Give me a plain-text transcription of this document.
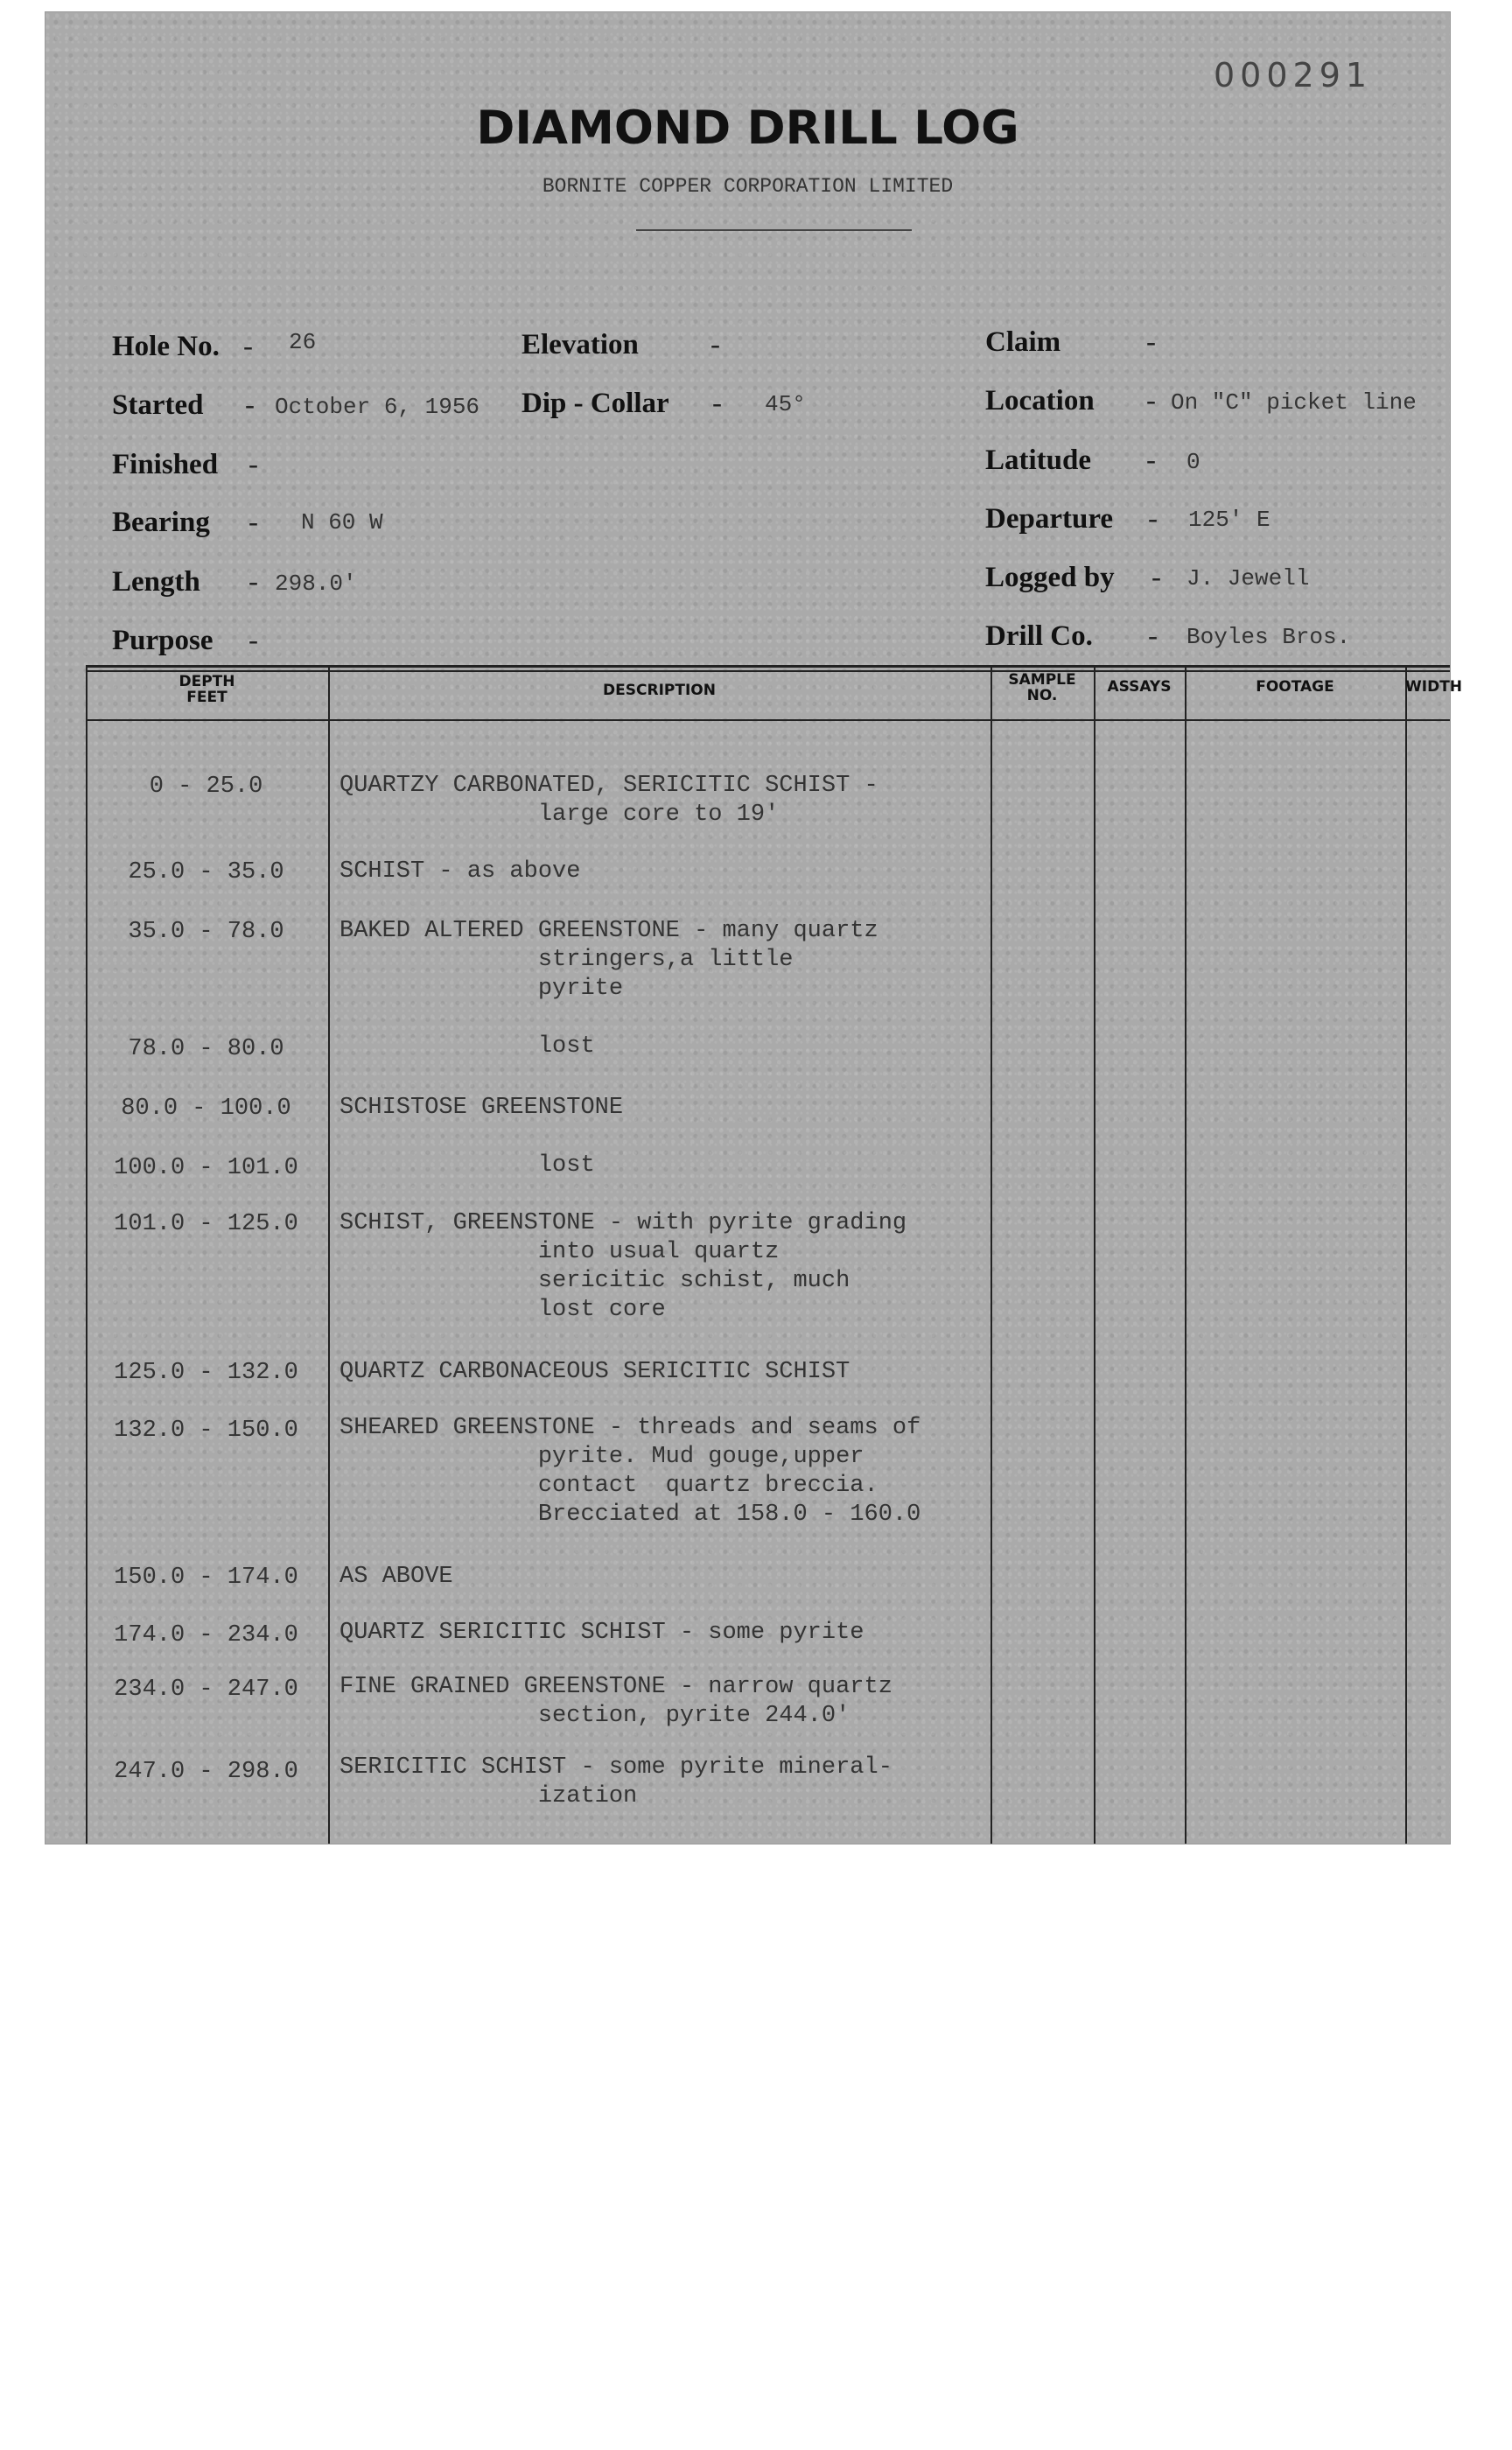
000291
DIAMOND DRILL LOG
BORNITE COPPER CORPORATION LIMITED
Hole No. - 26
Started - October 6, 1956
Finished -
Bearing - N 60 W
Length - 298.0'
Purpose -
Elevation -
Dip - Collar - 45°
Claim	-
Location - On "C" picket line
Latitude - 0
Departure - 125' E
Logged by - J. Jewell
Drill Co. - Boyles Bros.
DEPTH
FEET	DESCRIPTION
SAMPLE
NO.	ASSAYS	FOOTAGE	WIDTH
0 - 25.0	QUARTZY CARBONATED, SERICITIC SCHIST -
large core to 19'
25.0 - 35.0	SCHIST - as above
35.0 - 78.0	BAKED ALTERED GREENSTONE - many quartz
stringers,a little
pyrite
78.0 - 80.0	lost
80.0 - 100.0	SCHISTOSE GREENSTONE
100.0 - 101.0	lost
101.0 - 125.0	SCHIST, GREENSTONE - with pyrite grading
into usual quartz
sericitic schist, much
lost core
125.0 - 132.0	QUARTZ CARBONACEOUS SERICITIC SCHIST
132.0 - 150.0	SHEARED GREENSTONE - threads and seams of
pyrite. Mud gouge,upper
contact  quartz breccia.
Brecciated at 158.0 - 160.0
150.0 - 174.0	AS ABOVE
174.0 - 234.0	QUARTZ SERICITIC SCHIST - some pyrite
234.0 - 247.0	FINE GRAINED GREENSTONE - narrow quartz
section, pyrite 244.0'
247.0 - 298.0	SERICITIC SCHIST - some pyrite mineral-
ization
